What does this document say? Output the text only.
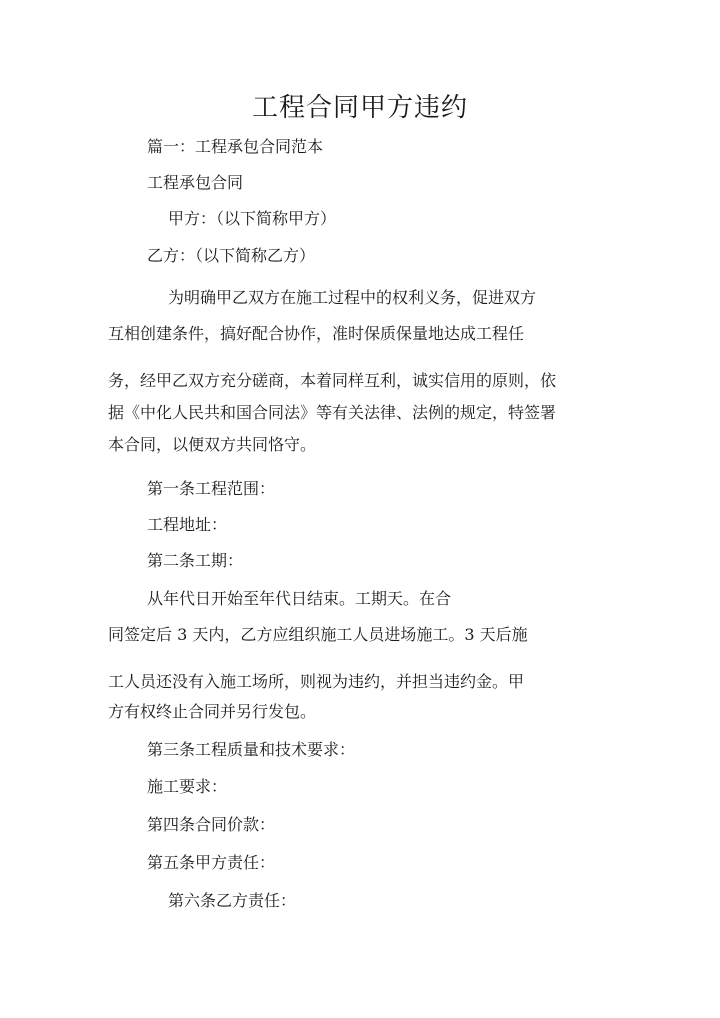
工程合同甲方违约
篇一：工程承包合同范本
工程承包合同
甲方：（以下简称甲方）
乙方：（以下简称乙方）
为明确甲乙双方在施工过程中的权利义务，促进双方
互相创建条件，搞好配合协作，准时保质保量地达成工程任
务，经甲乙双方充分磋商，本着同样互利，诚实信用的原则，依
据《中化人民共和国合同法》等有关法律、法例的规定，特签署
本合同，以便双方共同恪守。
第一条工程范围：
工程地址：
第二条工期：
从年代日开始至年代日结束。工期天。在合
同签定后 3 天内，乙方应组织施工人员进场施工。3 天后施
工人员还没有入施工场所，则视为违约，并担当违约金。甲
方有权终止合同并另行发包。
第三条工程质量和技术要求：
施工要求：
第四条合同价款：
第五条甲方责任：
第六条乙方责任：
